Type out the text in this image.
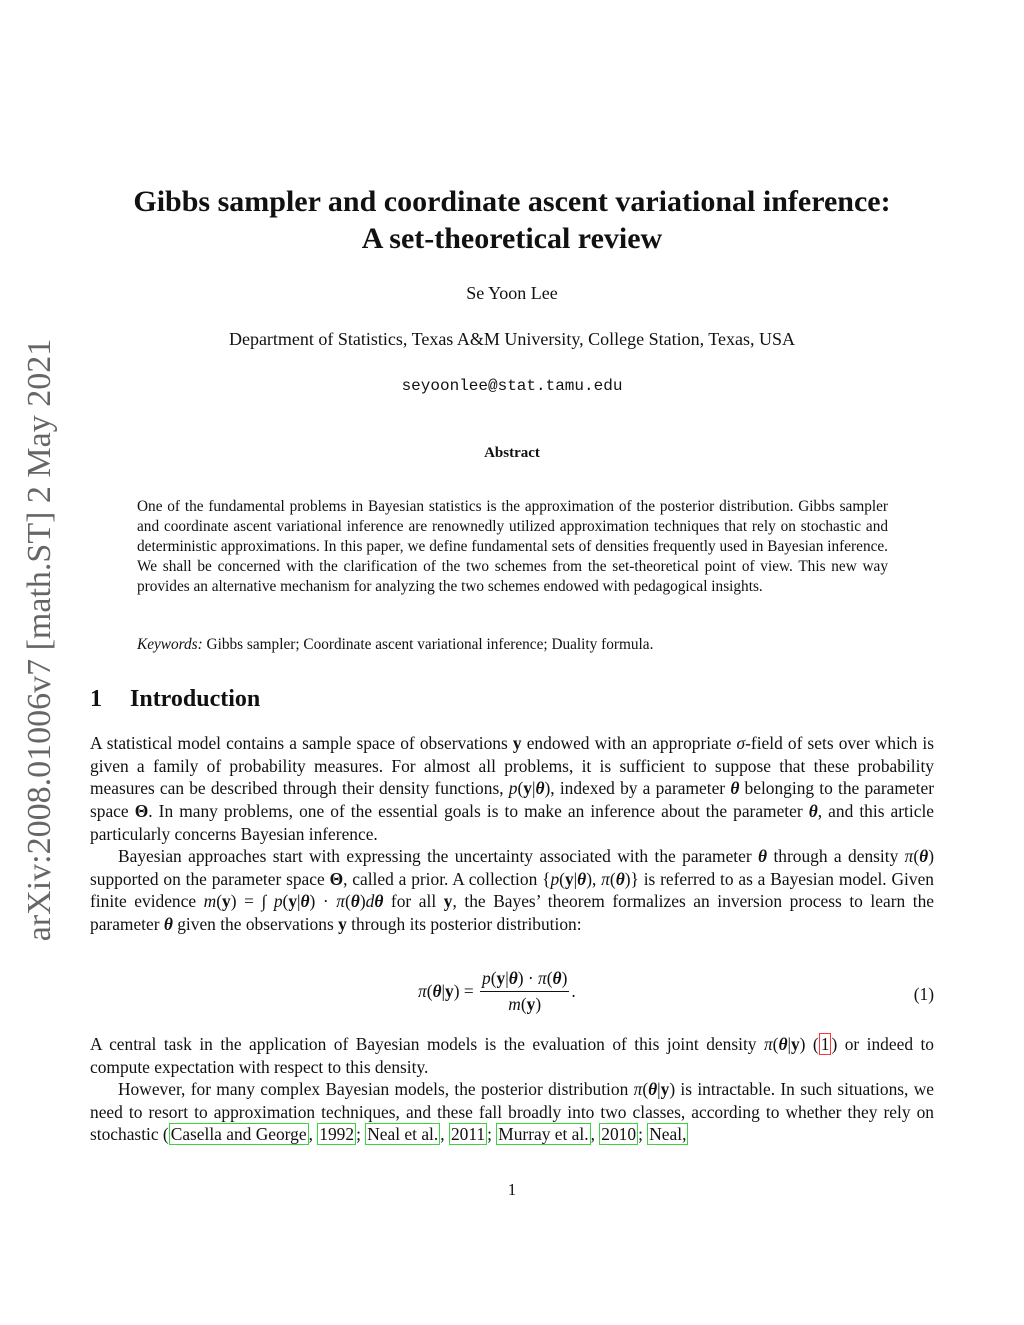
arXiv:2008.01006v7 [math.ST] 2 May 2021
Gibbs sampler and coordinate ascent variational inference:
A set-theoretical review
Se Yoon Lee
Department of Statistics, Texas A&M University, College Station, Texas, USA
seyoonlee@stat.tamu.edu
Abstract
One of the fundamental problems in Bayesian statistics is the approximation of the posterior distribution. Gibbs sampler and coordinate ascent variational inference are renownedly utilized approximation techniques that rely on stochastic and deterministic approximations. In this paper, we define fundamental sets of densities frequently used in Bayesian inference. We shall be concerned with the clarification of the two schemes from the set-theoretical point of view. This new way provides an alternative mechanism for analyzing the two schemes endowed with pedagogical insights.
Keywords: Gibbs sampler; Coordinate ascent variational inference; Duality formula.
1 Introduction
A statistical model contains a sample space of observations y endowed with an appropriate σ-field of sets over which is given a family of probability measures. For almost all problems, it is sufficient to suppose that these probability measures can be described through their density functions, p(y|θ), indexed by a parameter θ belonging to the parameter space Θ. In many problems, one of the essential goals is to make an inference about the parameter θ, and this article particularly concerns Bayesian inference.
Bayesian approaches start with expressing the uncertainty associated with the parameter θ through a density π(θ) supported on the parameter space Θ, called a prior. A collection {p(y|θ), π(θ)} is referred to as a Bayesian model. Given finite evidence m(y) = ∫ p(y|θ) · π(θ)dθ for all y, the Bayes’ theorem formalizes an inversion process to learn the parameter θ given the observations y through its posterior distribution:
$\pi(\theta|y) = \frac{p(y|\theta) \cdot \pi(\theta)}{m(y)}$ .	(1)
A central task in the application of Bayesian models is the evaluation of this joint density π(θ|y) ( 1 ) or indeed to compute expectation with respect to this density.
However, for many complex Bayesian models, the posterior distribution π(θ|y) is intractable. In such situations, we need to resort to approximation techniques, and these fall broadly into two classes, according to whether they rely on stochastic ( Casella and George , 1992 ; Neal et al. , 2011 ; Murray et al. , 2010 ; Neal,
1
